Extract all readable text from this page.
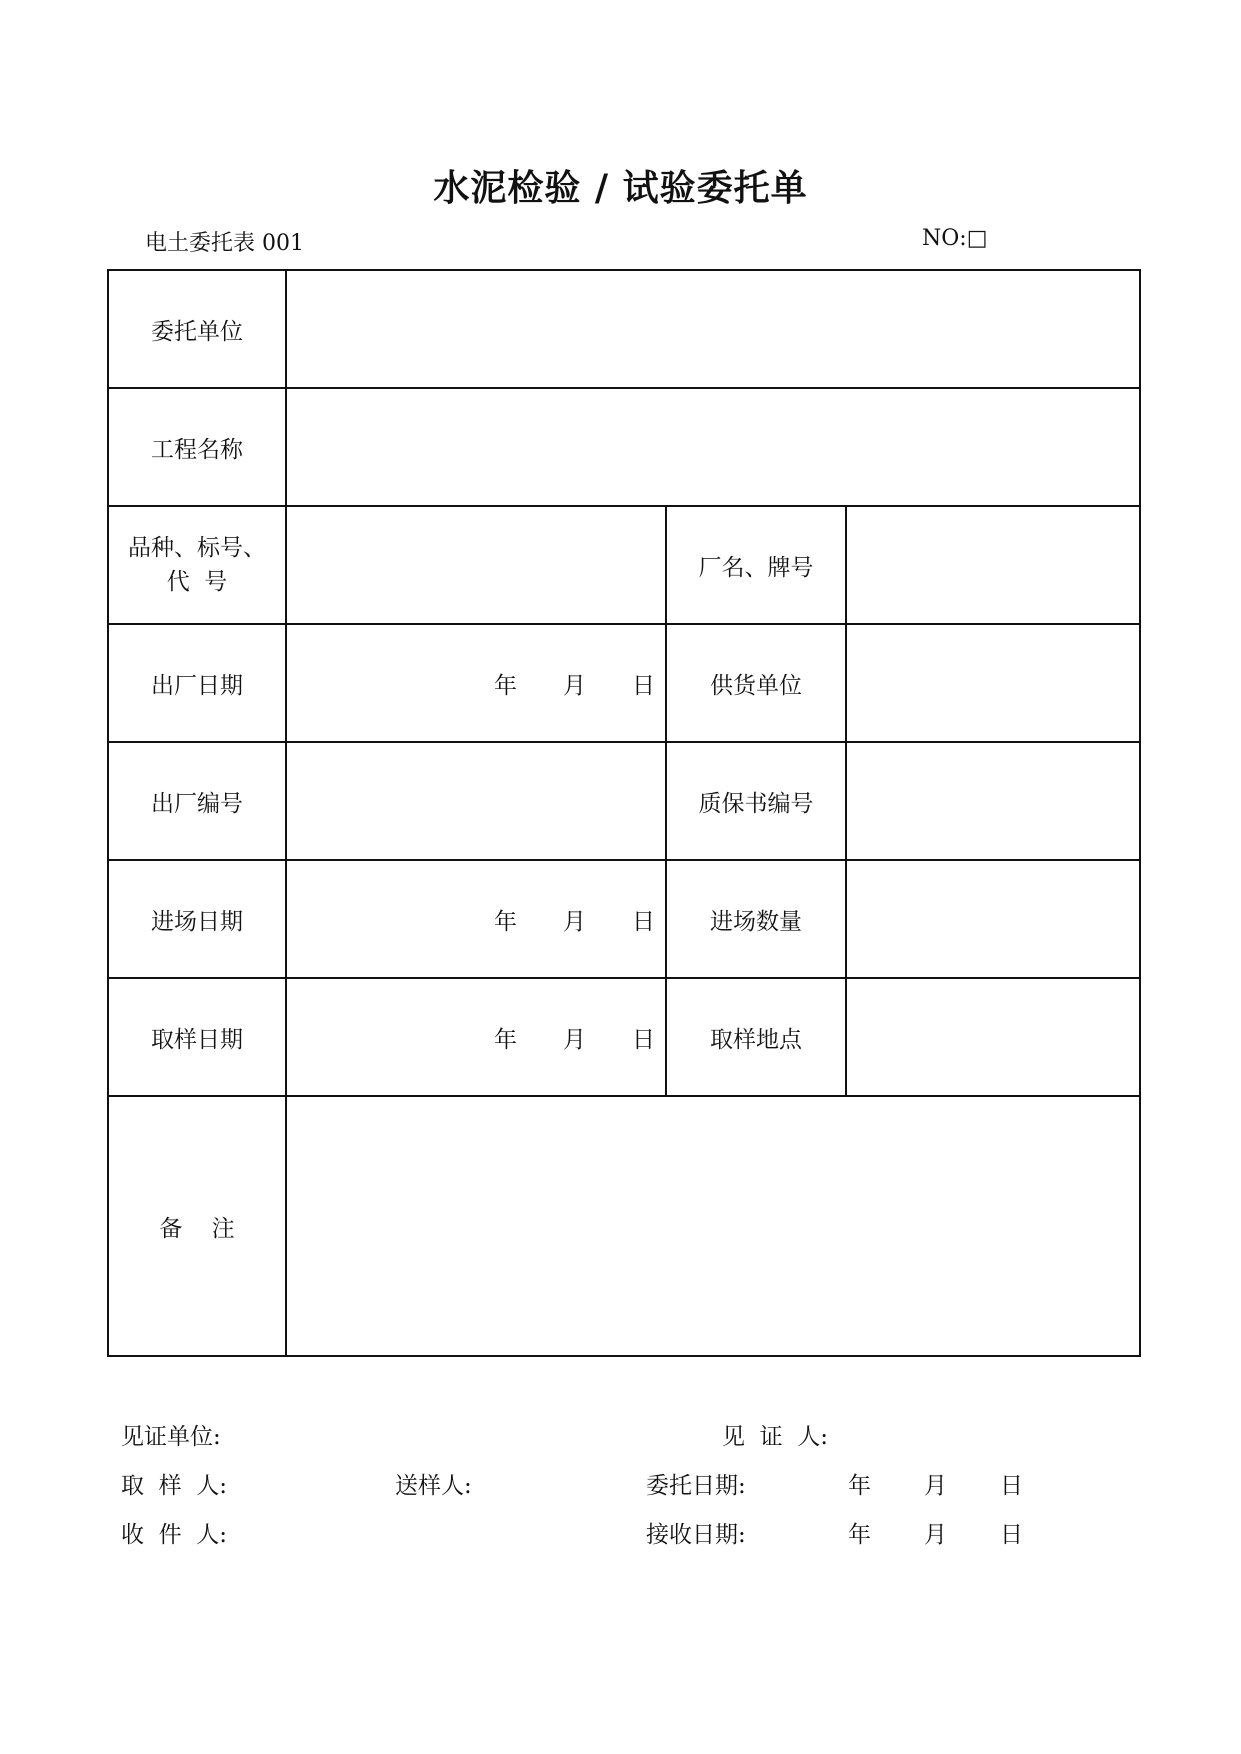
水泥检验 / 试验委托单
电土委托表 001	NO:□
委托单位			
工程名称			

品种、标号、
代  号		厂名、牌号	
出厂日期	年 月 日	供货单位	
出厂编号		质保书编号	
进场日期	年 月 日	进场数量	
取样日期	年 月 日	取样地点	
备    注			
见证单位:	见  证  人:
取  样  人:	送样人:	委托日期:	年 月 日
收  件  人:	接收日期:	年 月 日
